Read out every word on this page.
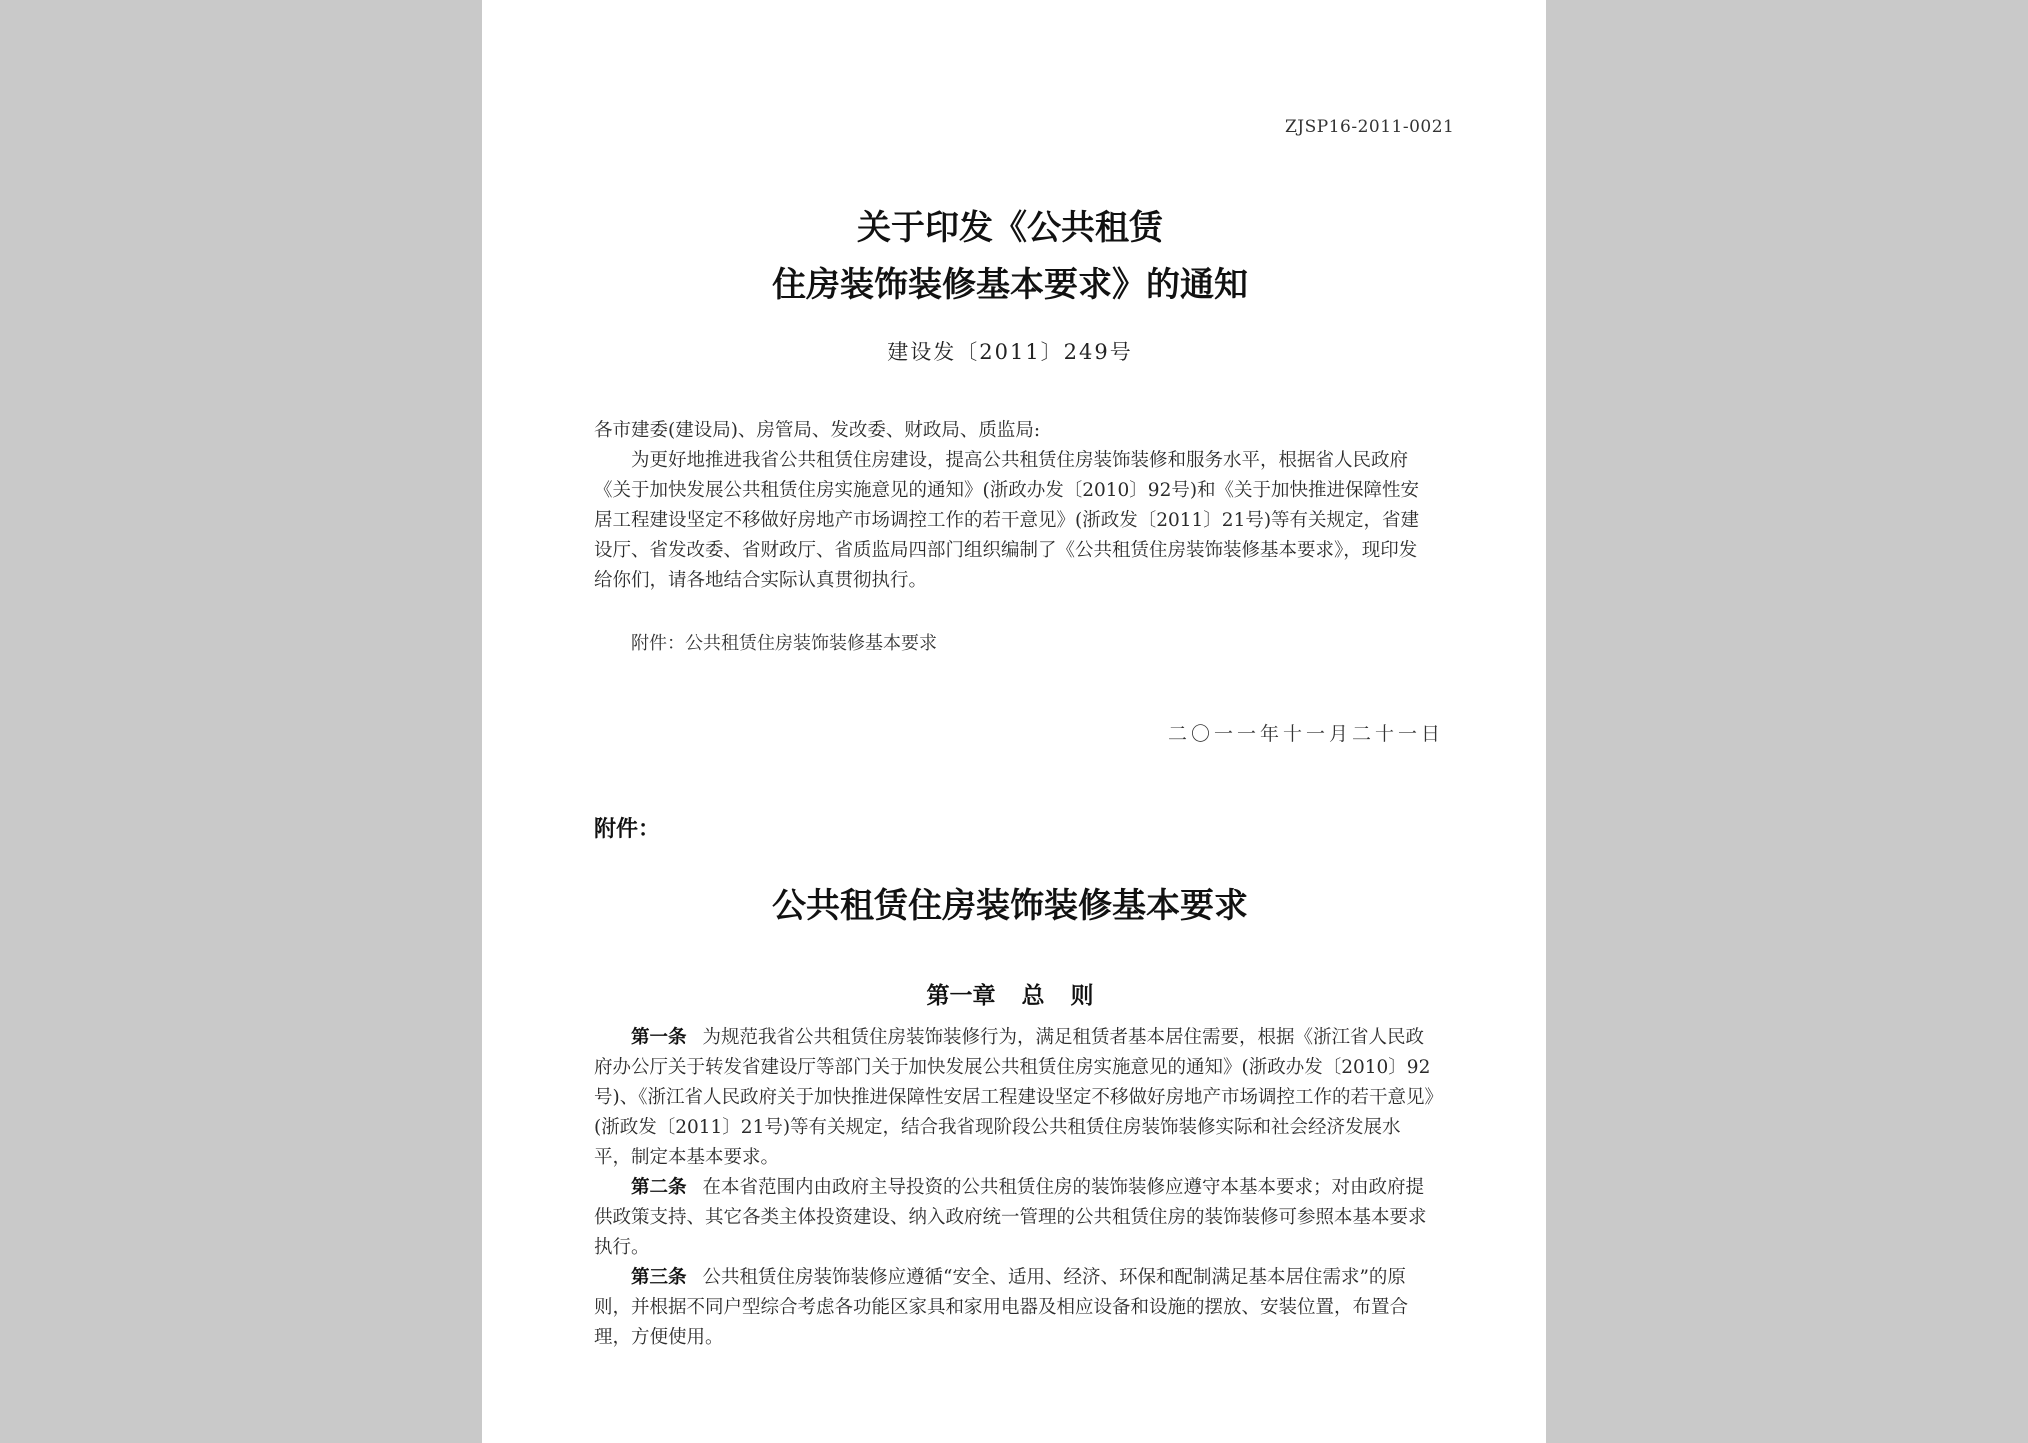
ZJSP16-2011-0021
关于印发《公共租赁
住房装饰装修基本要求》的通知
建设发〔2011〕249号

各市建委(建设局)、房管局、发改委、财政局、质监局:

为更好地推进我省公共租赁住房建设，提高公共租赁住房装饰装修和服务水平，根据省人民政府《关于加快发展公共租赁住房实施意见的通知》(浙政办发〔2010〕92号)和《关于加快推进保障性安居工程建设坚定不移做好房地产市场调控工作的若干意见》(浙政发〔2011〕21号)等有关规定，省建设厅、省发改委、省财政厅、省质监局四部门组织编制了《公共租赁住房装饰装修基本要求》，现印发给你们，请各地结合实际认真贯彻执行。

附件：公共租赁住房装饰装修基本要求
二〇一一年十一月二十一日
附件：
公共租赁住房装饰装修基本要求
第一章 总 则

第一条 为规范我省公共租赁住房装饰装修行为，满足租赁者基本居住需要，根据《浙江省人民政府办公厅关于转发省建设厅等部门关于加快发展公共租赁住房实施意见的通知》(浙政办发〔2010〕92号)、《浙江省人民政府关于加快推进保障性安居工程建设坚定不移做好房地产市场调控工作的若干意见》(浙政发〔2011〕21号)等有关规定，结合我省现阶段公共租赁住房装饰装修实际和社会经济发展水平，制定本基本要求。

第二条 在本省范围内由政府主导投资的公共租赁住房的装饰装修应遵守本基本要求；对由政府提供政策支持、其它各类主体投资建设、纳入政府统一管理的公共租赁住房的装饰装修可参照本基本要求执行。

第三条 公共租赁住房装饰装修应遵循“安全、适用、经济、环保和配制满足基本居住需求”的原则，并根据不同户型综合考虑各功能区家具和家用电器及相应设备和设施的摆放、安装位置，布置合理，方便使用。
